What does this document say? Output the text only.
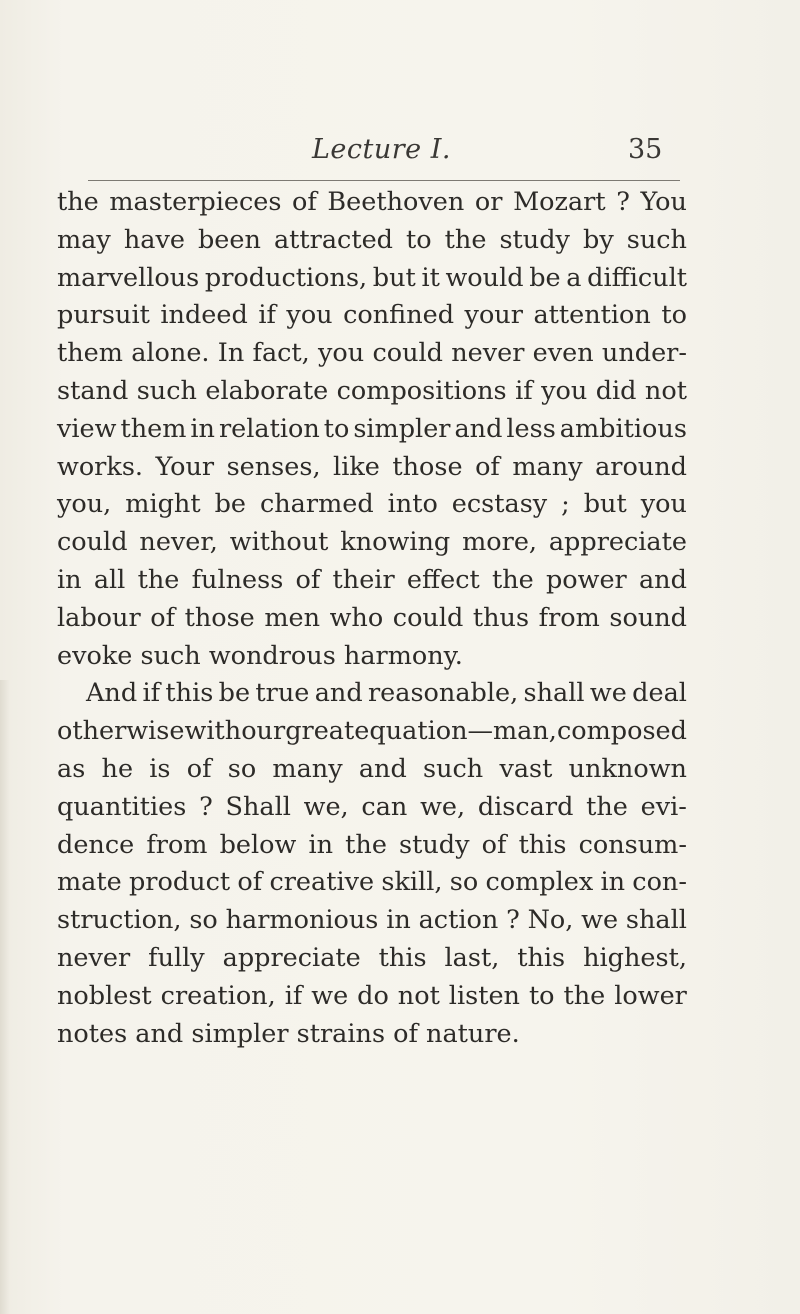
Lecture I.	35
the masterpieces of Beethoven or Mozart ? You
may have been attracted to the study by such
marvellous productions, but it would be a difficult
pursuit indeed if you confined your attention to
them alone. In fact, you could never even under-
stand such elaborate compositions if you did not
view them in relation to simpler and less ambitious
works. Your senses, like those of many around
you, might be charmed into ecstasy ; but you
could never, without knowing more, appreciate
in all the fulness of their effect the power and
labour of those men who could thus from sound
evoke such wondrous harmony.
And if this be true and reasonable, shall we deal
otherwise with our great equation—man, composed
as he is of so many and such vast unknown
quantities ? Shall we, can we, discard the evi-
dence from below in the study of this consum-
mate product of creative skill, so complex in con-
struction, so harmonious in action ? No, we shall
never fully appreciate this last, this highest,
noblest creation, if we do not listen to the lower
notes and simpler strains of nature.
